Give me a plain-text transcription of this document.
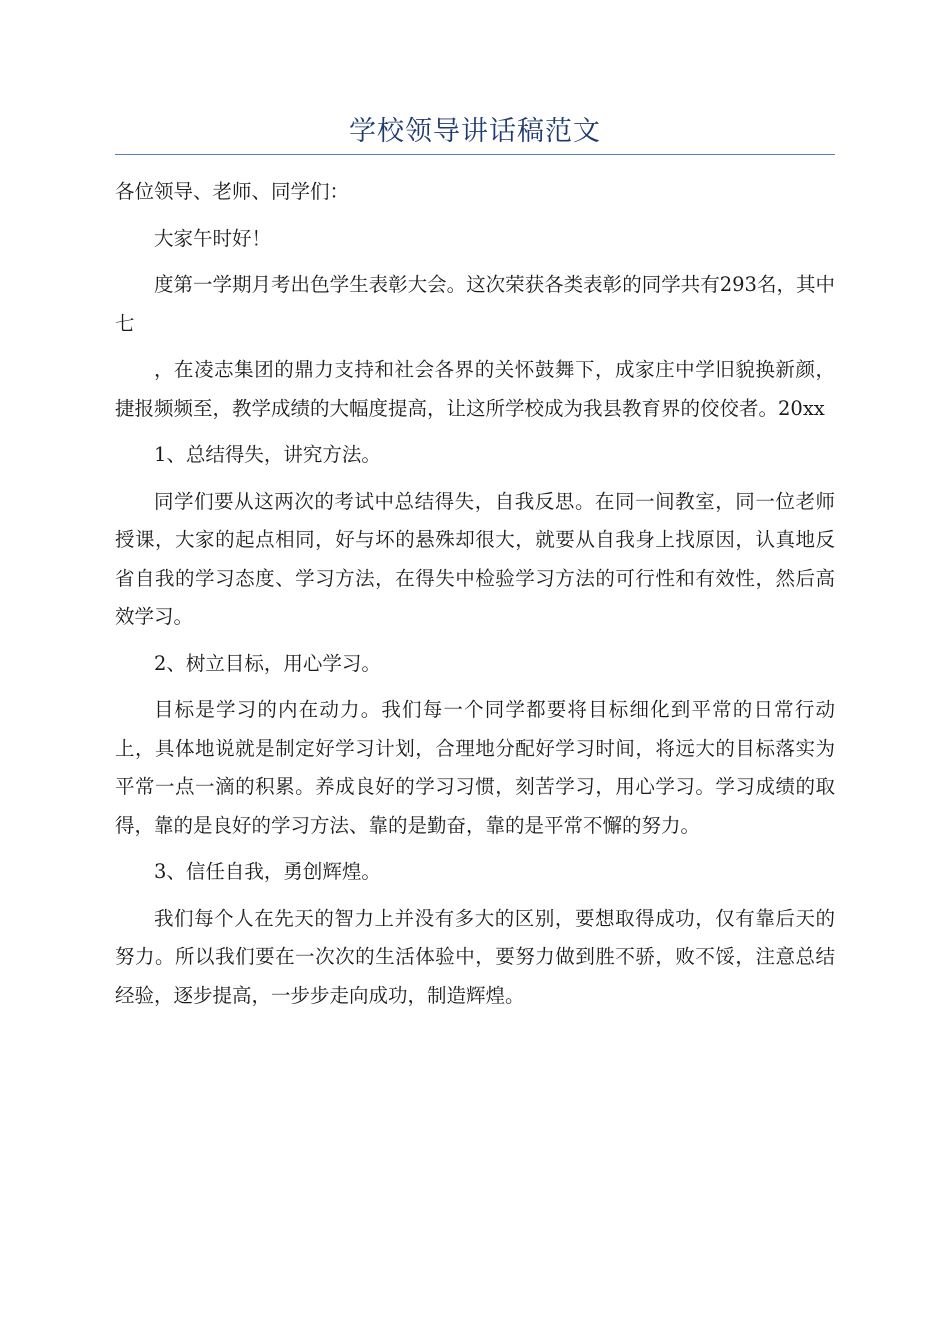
学校领导讲话稿范文

各位领导、老师、同学们：

大家午时好！

度第一学期月考出色学生表彰大会。这次荣获各类表彰的同学共有293名，其中七

，在凌志集团的鼎力支持和社会各界的关怀鼓舞下，成家庄中学旧貌换新颜，捷报频频至，教学成绩的大幅度提高，让这所学校成为我县教育界的佼佼者。20xx

1、总结得失，讲究方法。

同学们要从这两次的考试中总结得失，自我反思。在同一间教室，同一位老师授课，大家的起点相同，好与坏的悬殊却很大，就要从自我身上找原因，认真地反省自我的学习态度、学习方法，在得失中检验学习方法的可行性和有效性，然后高效学习。

2、树立目标，用心学习。

目标是学习的内在动力。我们每一个同学都要将目标细化到平常的日常行动上，具体地说就是制定好学习计划，合理地分配好学习时间，将远大的目标落实为平常一点一滴的积累。养成良好的学习习惯，刻苦学习，用心学习。学习成绩的取得，靠的是良好的学习方法、靠的是勤奋，靠的是平常不懈的努力。

3、信任自我，勇创辉煌。

我们每个人在先天的智力上并没有多大的区别，要想取得成功，仅有靠后天的努力。所以我们要在一次次的生活体验中，要努力做到胜不骄，败不馁，注意总结经验，逐步提高，一步步走向成功，制造辉煌。
